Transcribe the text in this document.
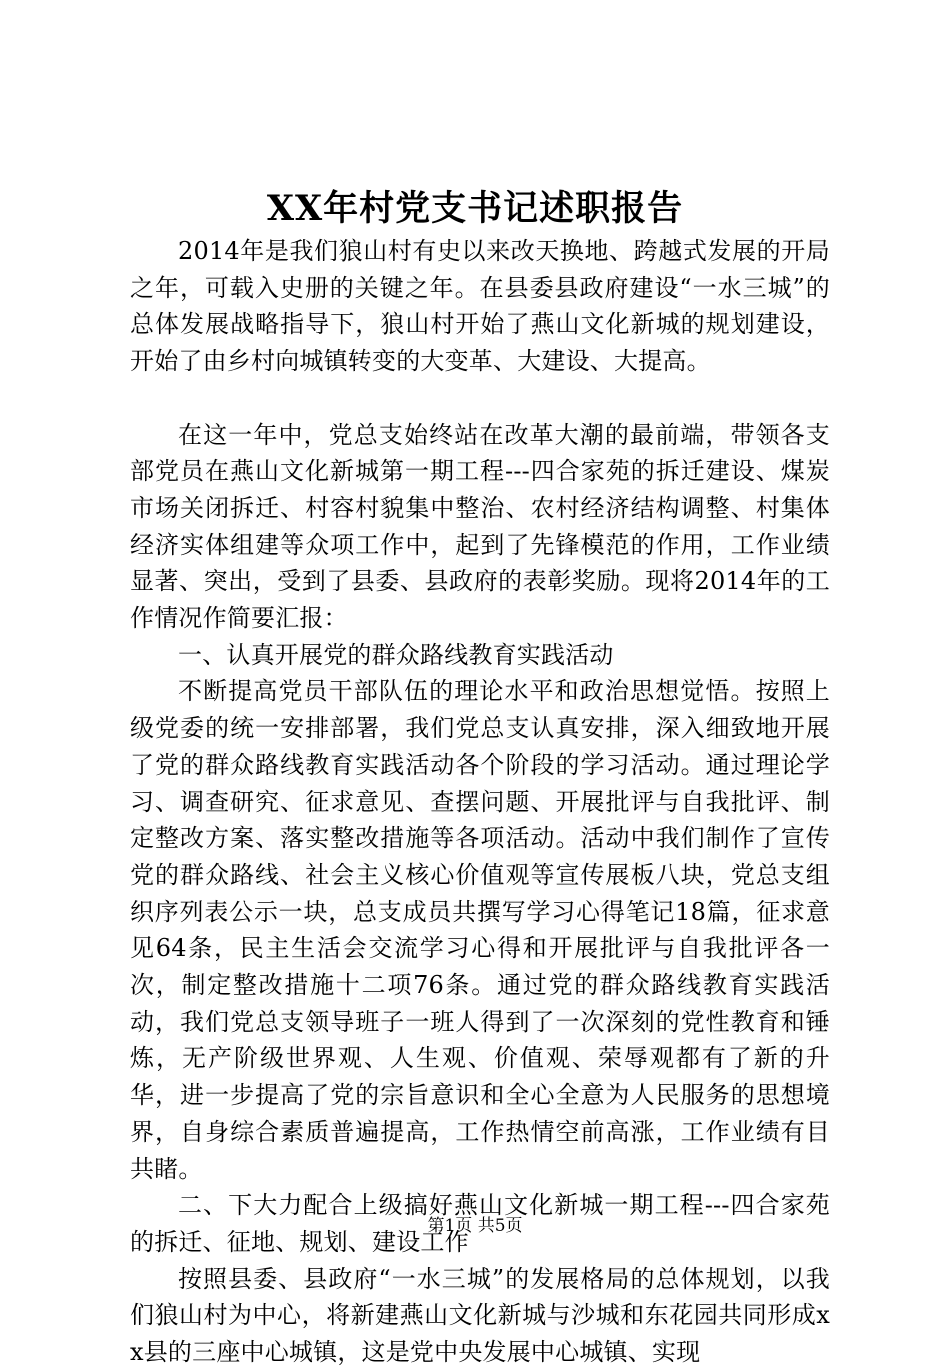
XX年村党支书记述职报告

2014年是我们狼山村有史以来改天换地、跨越式发展的开局之年，可载入史册的关键之年。在县委县政府建设“一水三城”的总体发展战略指导下，狼山村开始了燕山文化新城的规划建设，开始了由乡村向城镇转变的大变革、大建设、大提高。

在这一年中，党总支始终站在改革大潮的最前端，带领各支部党员在燕山文化新城第一期工程---四合家苑的拆迁建设、煤炭市场关闭拆迁、村容村貌集中整治、农村经济结构调整、村集体经济实体组建等众项工作中，起到了先锋模范的作用，工作业绩显著、突出，受到了县委、县政府的表彰奖励。现将2014年的工作情况作简要汇报：

一、认真开展党的群众路线教育实践活动

不断提高党员干部队伍的理论水平和政治思想觉悟。按照上级党委的统一安排部署，我们党总支认真安排，深入细致地开展了党的群众路线教育实践活动各个阶段的学习活动。通过理论学习、调查研究、征求意见、查摆问题、开展批评与自我批评、制定整改方案、落实整改措施等各项活动。活动中我们制作了宣传党的群众路线、社会主义核心价值观等宣传展板八块，党总支组织序列表公示一块，总支成员共撰写学习心得笔记18篇，征求意见64条，民主生活会交流学习心得和开展批评与自我批评各一次，制定整改措施十二项76条。通过党的群众路线教育实践活动，我们党总支领导班子一班人得到了一次深刻的党性教育和锤炼，无产阶级世界观、人生观、价值观、荣辱观都有了新的升华，进一步提高了党的宗旨意识和全心全意为人民服务的思想境界，自身综合素质普遍提高，工作热情空前高涨，工作业绩有目共睹。

二、下大力配合上级搞好燕山文化新城一期工程---四合家苑的拆迁、征地、规划、建设工作

按照县委、县政府“一水三城”的发展格局的总体规划，以我们狼山村为中心，将新建燕山文化新城与沙城和东花园共同形成xx县的三座中心城镇，这是党中央发展中心城镇、实现

第1页 共5页
